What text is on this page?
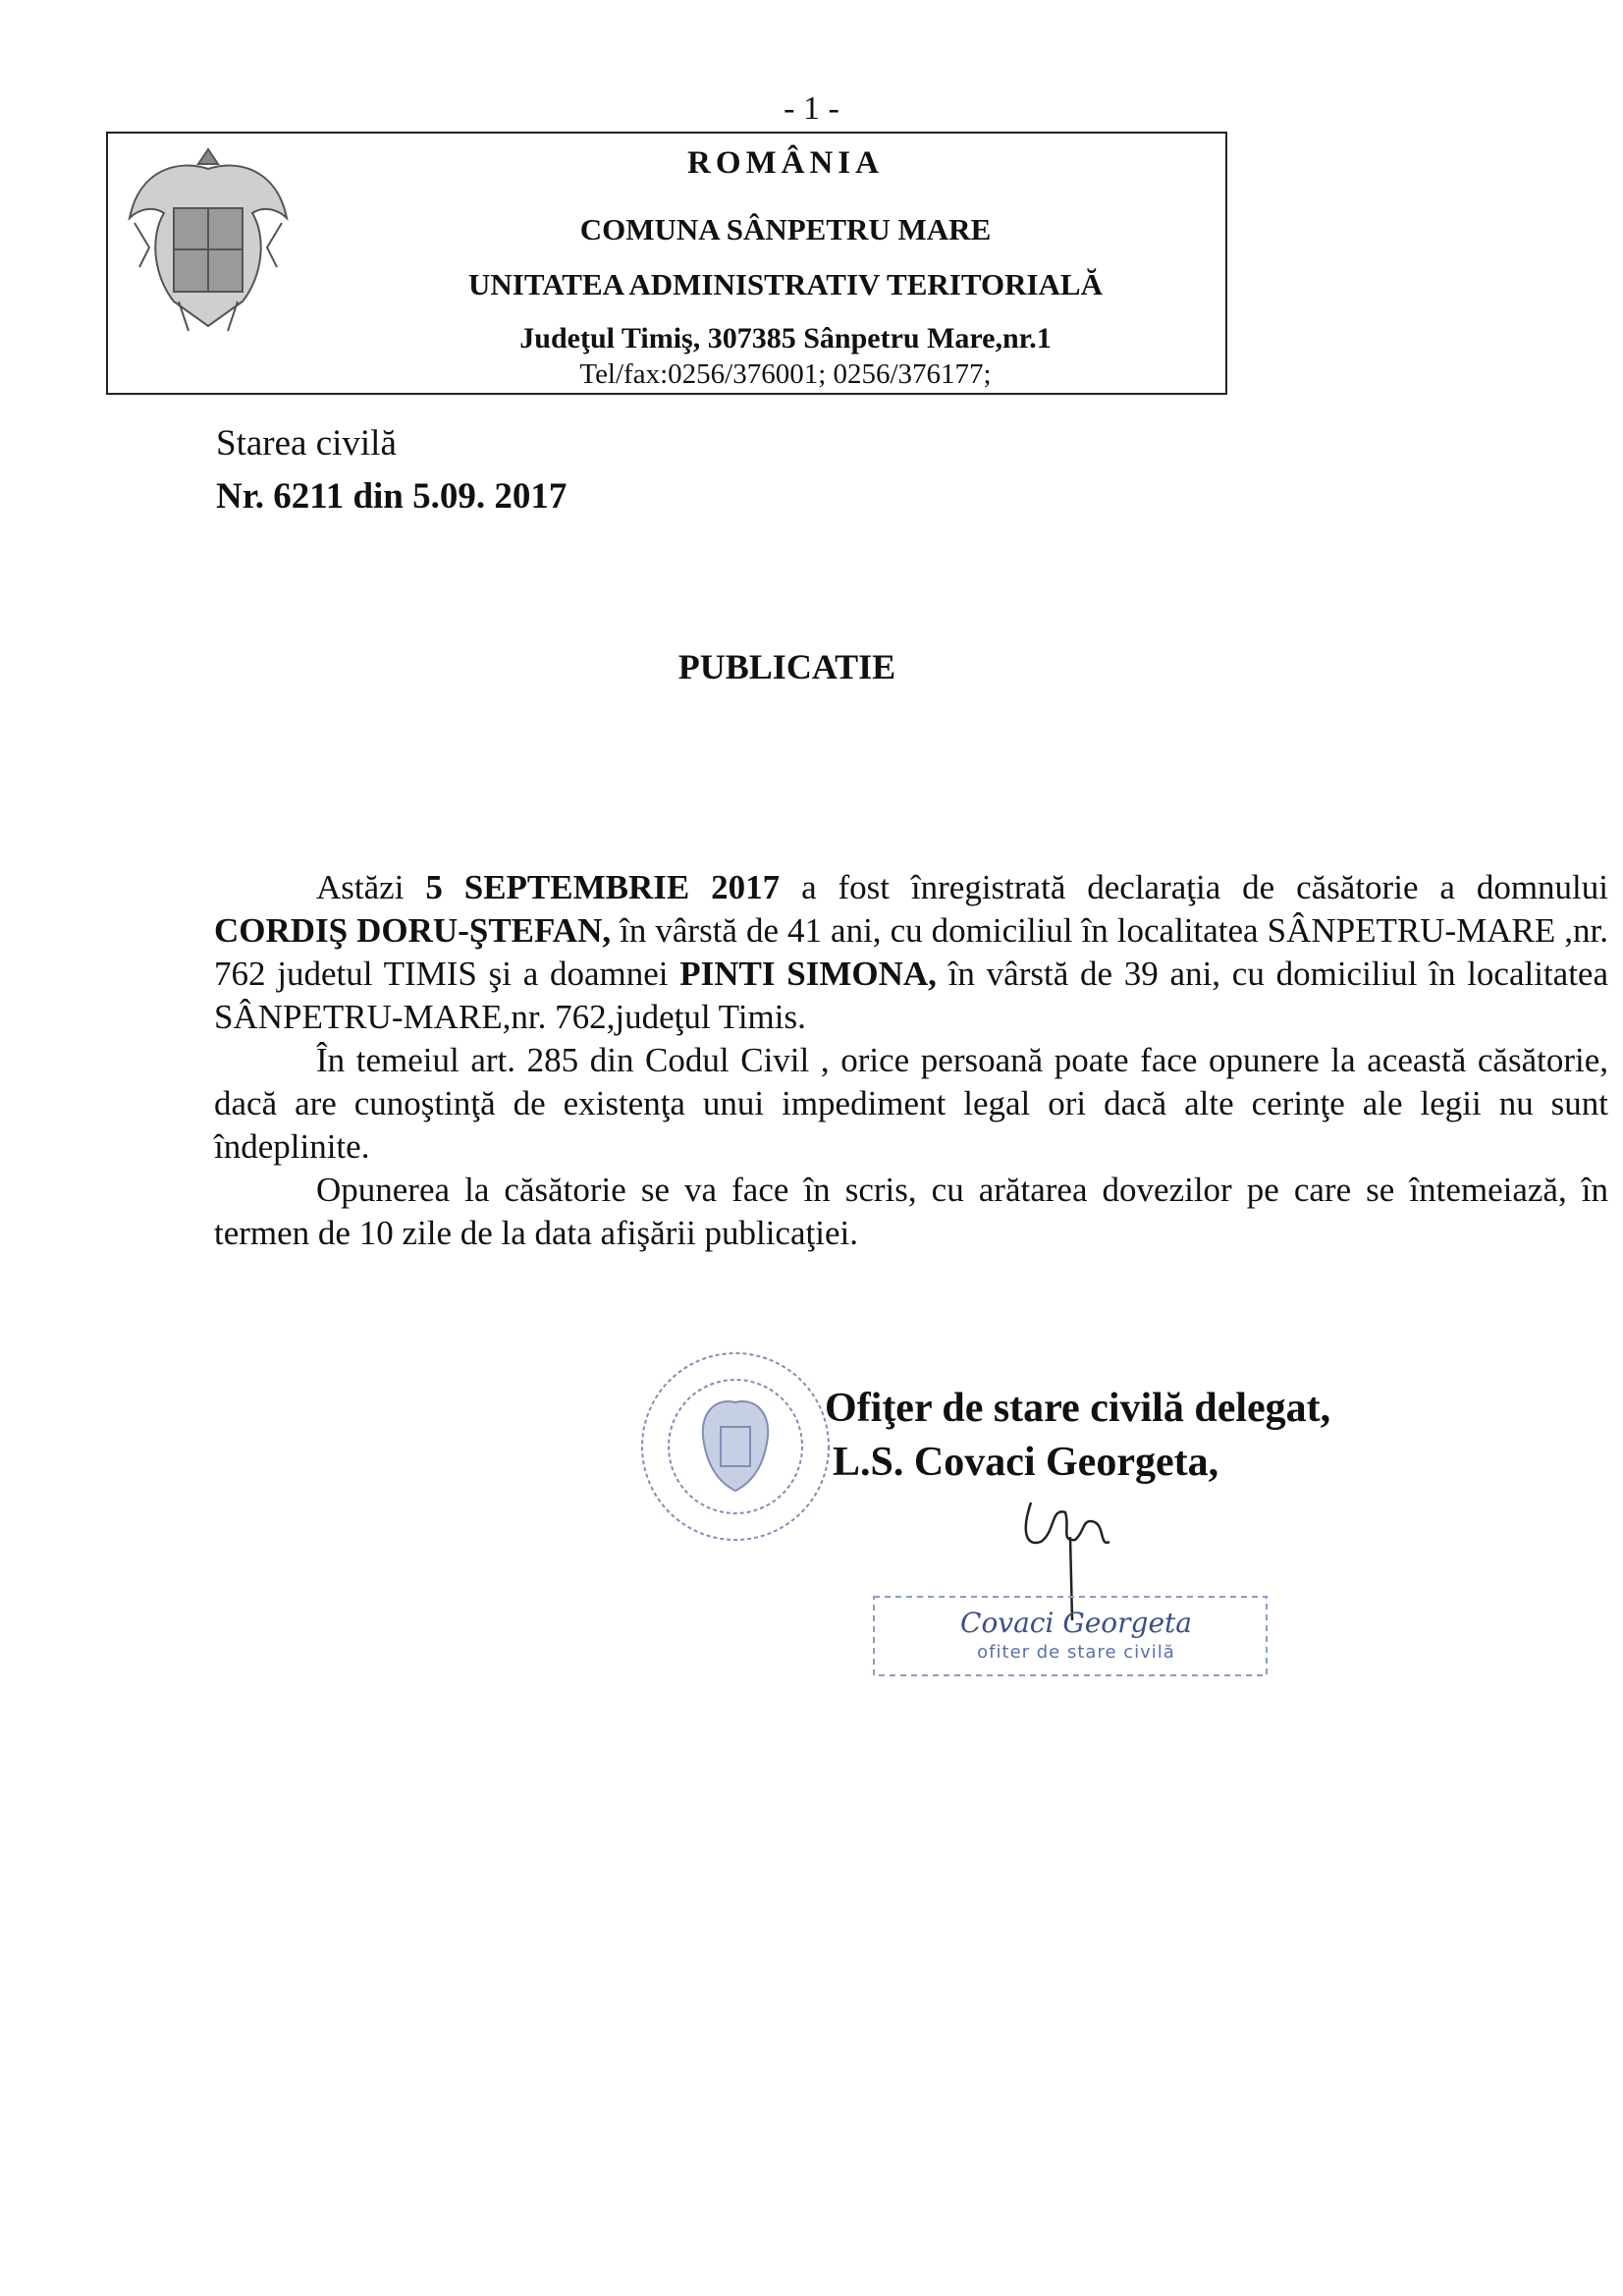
- 1 -
ROMÂNIA
COMUNA SÂNPETRU MARE
UNITATEA ADMINISTRATIV TERITORIALĂ
Judeţul Timiş, 307385 Sânpetru Mare,nr.1
Tel/fax:0256/376001; 0256/376177;
Starea civilă
Nr. 6211 din 5.09. 2017
PUBLICATIE

Astăzi 5 SEPTEMBRIE 2017 a fost înregistrată declaraţia de căsătorie a domnului CORDIŞ DORU-ŞTEFAN, în vârstă de 41 ani, cu domiciliul în localitatea SÂNPETRU-MARE ,nr. 762 judetul TIMIS şi a doamnei PINTI SIMONA, în vârstă de 39 ani, cu domiciliul în localitatea SÂNPETRU-MARE,nr. 762,judeţul Timis.

În temeiul art. 285 din Codul Civil , orice persoană poate face opunere la această căsătorie, dacă are cunoştinţă de existenţa unui impediment legal ori dacă alte cerinţe ale legii nu sunt îndeplinite.

Opunerea la căsătorie se va face în scris, cu arătarea dovezilor pe care se întemeiază, în termen de 10 zile de la data afişării publicaţiei.

Ofiţer de stare civilă delegat,
L.S. Covaci Georgeta,
Covaci Georgeta
ofiter de stare civilă
